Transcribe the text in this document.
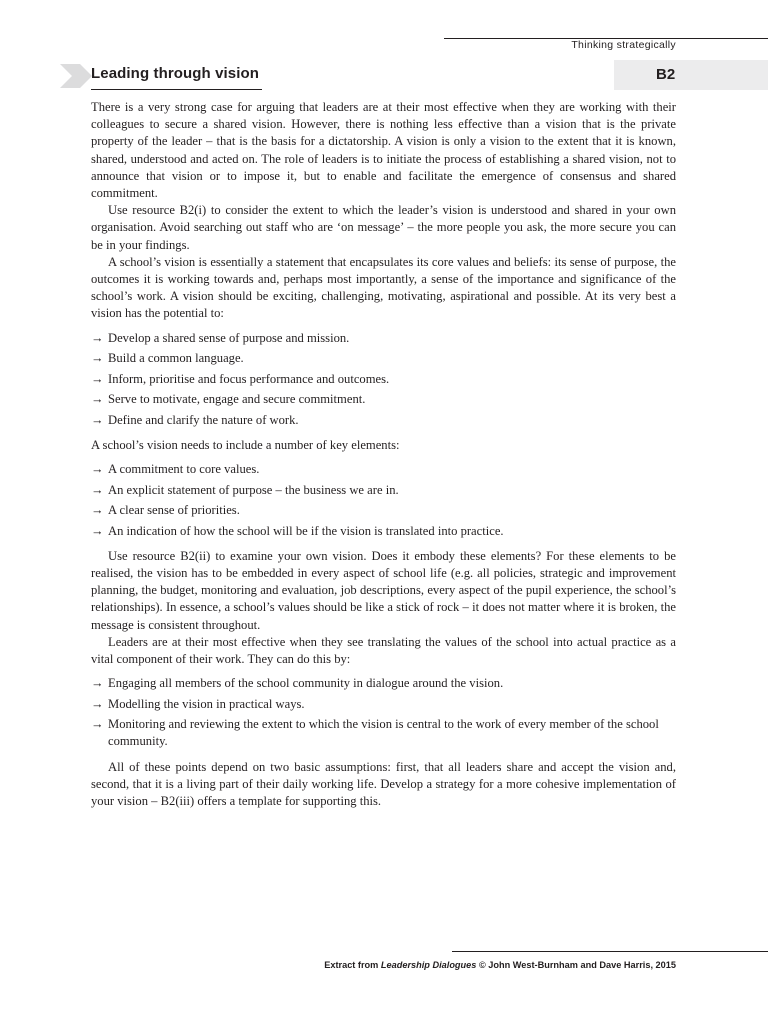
Thinking strategically
Leading through vision	B2

There is a very strong case for arguing that leaders are at their most effective when they are working with their colleagues to secure a shared vision. However, there is nothing less effective than a vision that is the private property of the leader – that is the basis for a dictatorship. A vision is only a vision to the extent that it is known, shared, understood and acted on. The role of leaders is to initiate the process of establishing a shared vision, not to announce that vision or to impose it, but to enable and facilitate the emergence of consensus and shared commitment.

Use resource B2(i) to consider the extent to which the leader’s vision is understood and shared in your own organisation. Avoid searching out staff who are ‘on message’ – the more people you ask, the more secure you can be in your findings.

A school’s vision is essentially a statement that encapsulates its core values and beliefs: its sense of purpose, the outcomes it is working towards and, perhaps most importantly, a sense of the importance and significance of the school’s work. A vision should be exciting, challenging, motivating, aspirational and possible. At its very best a vision has the potential to:

→ Develop a shared sense of purpose and mission.
→ Build a common language.
→ Inform, prioritise and focus performance and outcomes.
→ Serve to motivate, engage and secure commitment.
→ Define and clarify the nature of work.

A school’s vision needs to include a number of key elements:

→ A commitment to core values.
→ An explicit statement of purpose – the business we are in.
→ A clear sense of priorities.
→ An indication of how the school will be if the vision is translated into practice.

Use resource B2(ii) to examine your own vision. Does it embody these elements? For these elements to be realised, the vision has to be embedded in every aspect of school life (e.g. all policies, strategic and improvement planning, the budget, monitoring and evaluation, job descriptions, every aspect of the pupil experience, the school’s relationships). In essence, a school’s values should be like a stick of rock – it does not matter where it is broken, the message is consistent throughout.

Leaders are at their most effective when they see translating the values of the school into actual practice as a vital component of their work. They can do this by:

→ Engaging all members of the school community in dialogue around the vision.
→ Modelling the vision in practical ways.
→ Monitoring and reviewing the extent to which the vision is central to the work of every member of the school community.

All of these points depend on two basic assumptions: first, that all leaders share and accept the vision and, second, that it is a living part of their daily working life. Develop a strategy for a more cohesive implementation of your vision – B2(iii) offers a template for supporting this.

Extract from Leadership Dialogues © John West-Burnham and Dave Harris, 2015
